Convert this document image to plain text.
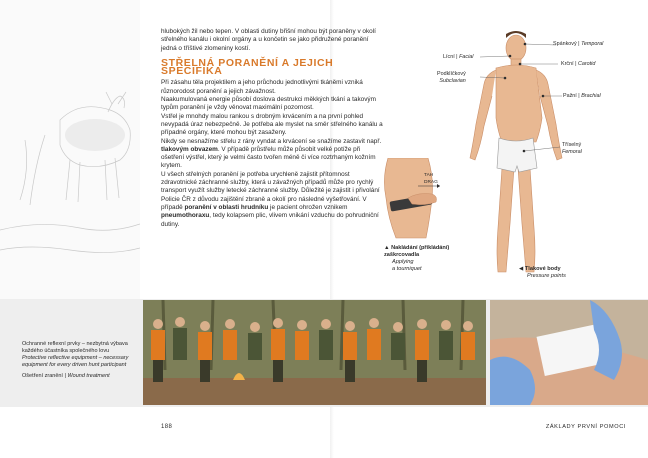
hlubokých žil nebo tepen. V oblasti dutiny břišní mohou být poraněny v okolí střelného kanálu i okolní orgány a u končetin se jako přidružené poranění jedná o tříštivé zlomeniny kostí.

STŘELNÁ PORANĚNÍ A JEJICH SPECIFIKA

Při zásahu těla projektilem a jeho průchodu jednotlivými tkáněmi vzniká různorodost poranění a jejich závažnost.

Naakumulovaná energie působí doslova destrukci měkkých tkání a takovým typům poranění je vždy věnovat maximální pozornost.

Vstřel je mnohdy malou rankou s drobným krvácením a na první pohled nevypadá úraz nebezpečně. Je potřeba ale myslet na směr střelného kanálu a případné orgány, které mohou být zasaženy.

Nikdy se nesnažíme střelu z rány vyndat a krvácení se snažíme zastavit např. tlakovým obvazem. V případě průstřelu může působit velké potíže při ošetření výstřel, který je velmi často tvořen méně či více roztrhaným kožním krytem.

U všech střelných poranění je potřeba urychleně zajistit přítomnost zdravotnické záchranné služby, která u závažných případů může pro rychlý transport využít služby letecké záchranné služby. Důležité je zajistit i přivolání Policie ČR z důvodu zajištění zbraně a okolí pro následné vyšetřování. V případě poranění v oblasti hrudníku je pacient ohrožen vznikem pneumothoraxu, tedy kolapsem plic, vlivem vnikání vzduchu do pohrudniční dutiny.

Spánkový | Temporal
Lícní | Facial
Krční | Carotid
Podklíčkový
Subclavian
Pažní | Brachial
Tříselný
Femoral
TAH
DRAG
▲ Nakládání (přikládání) zaškrcovadla
Applying
a tourniquet	◀ Tlakové body
Pressure points
Ochranné reflexní prvky – nezbytná výbava každého účastníka společného lovu
Protective reflective equipment – necessary equipment for every driven hunt participant
Ošetření zranění | Wound treatment
188	ZÁKLADY PRVNÍ POMOCI
